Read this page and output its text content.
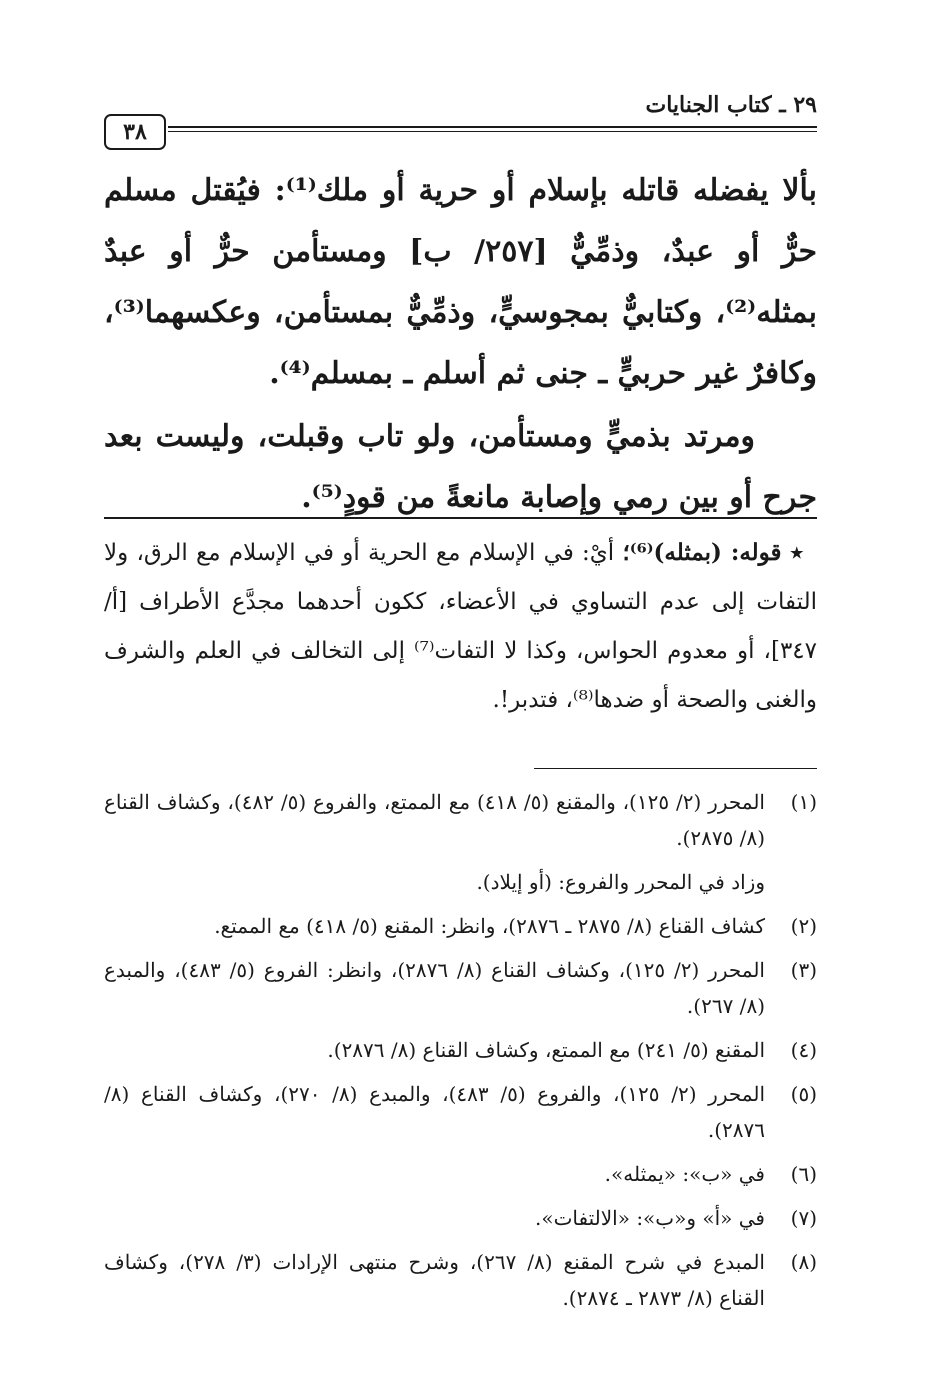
٢٩ ـ كتاب الجنايات
٣٨

بألا يفضله قاتله بإسلام أو حرية أو ملك⁽¹⁾: فيُقتل مسلم حرٌّ أو عبدٌ، وذمِّيٌّ [٢٥٧/ ب] ومستأمن حرٌّ أو عبدٌ بمثله⁽²⁾، وكتابيٌّ بمجوسيٍّ، وذمِّيٌّ بمستأمن، وعكسهما⁽³⁾، وكافرٌ غير حربيٍّ ـ جنى ثم أسلم ـ بمسلم⁽⁴⁾.

ومرتد بذميٍّ ومستأمن، ولو تاب وقبلت، وليست بعد جرح أو بين رمي وإصابة مانعةً من قودٍ⁽⁵⁾.

٭ قوله: (بمثله)⁽⁶⁾؛ أيْ: في الإسلام مع الحرية أو في الإسلام مع الرق، ولا التفات إلى عدم التساوي في الأعضاء، ككون أحدهما مجدَّع الأطراف [أ/ ٣٤٧]، أو معدوم الحواس، وكذا لا التفات⁽⁷⁾ إلى التخالف في العلم والشرف والغنى والصحة أو ضدها⁽⁸⁾، فتدبر!.

(١)
المحرر (٢/ ١٢٥)، والمقنع (٥/ ٤١٨) مع الممتع، والفروع (٥/ ٤٨٢)، وكشاف القناع (٨/ ٢٨٧٥).
وزاد في المحرر والفروع: (أو إيلاد).
(٢)
كشاف القناع (٨/ ٢٨٧٥ ـ ٢٨٧٦)، وانظر: المقنع (٥/ ٤١٨) مع الممتع.
(٣)
المحرر (٢/ ١٢٥)، وكشاف القناع (٨/ ٢٨٧٦)، وانظر: الفروع (٥/ ٤٨٣)، والمبدع (٨/ ٢٦٧).
(٤)
المقنع (٥/ ٢٤١) مع الممتع، وكشاف القناع (٨/ ٢٨٧٦).
(٥)
المحرر (٢/ ١٢٥)، والفروع (٥/ ٤٨٣)، والمبدع (٨/ ٢٧٠)، وكشاف القناع (٨/ ٢٨٧٦).
(٦)
في «ب»: «يمثله».
(٧)
في «أ» و«ب»: «الالتفات».
(٨)
المبدع في شرح المقنع (٨/ ٢٦٧)، وشرح منتهى الإرادات (٣/ ٢٧٨)، وكشاف القناع (٨/ ٢٨٧٣ ـ ٢٨٧٤).
